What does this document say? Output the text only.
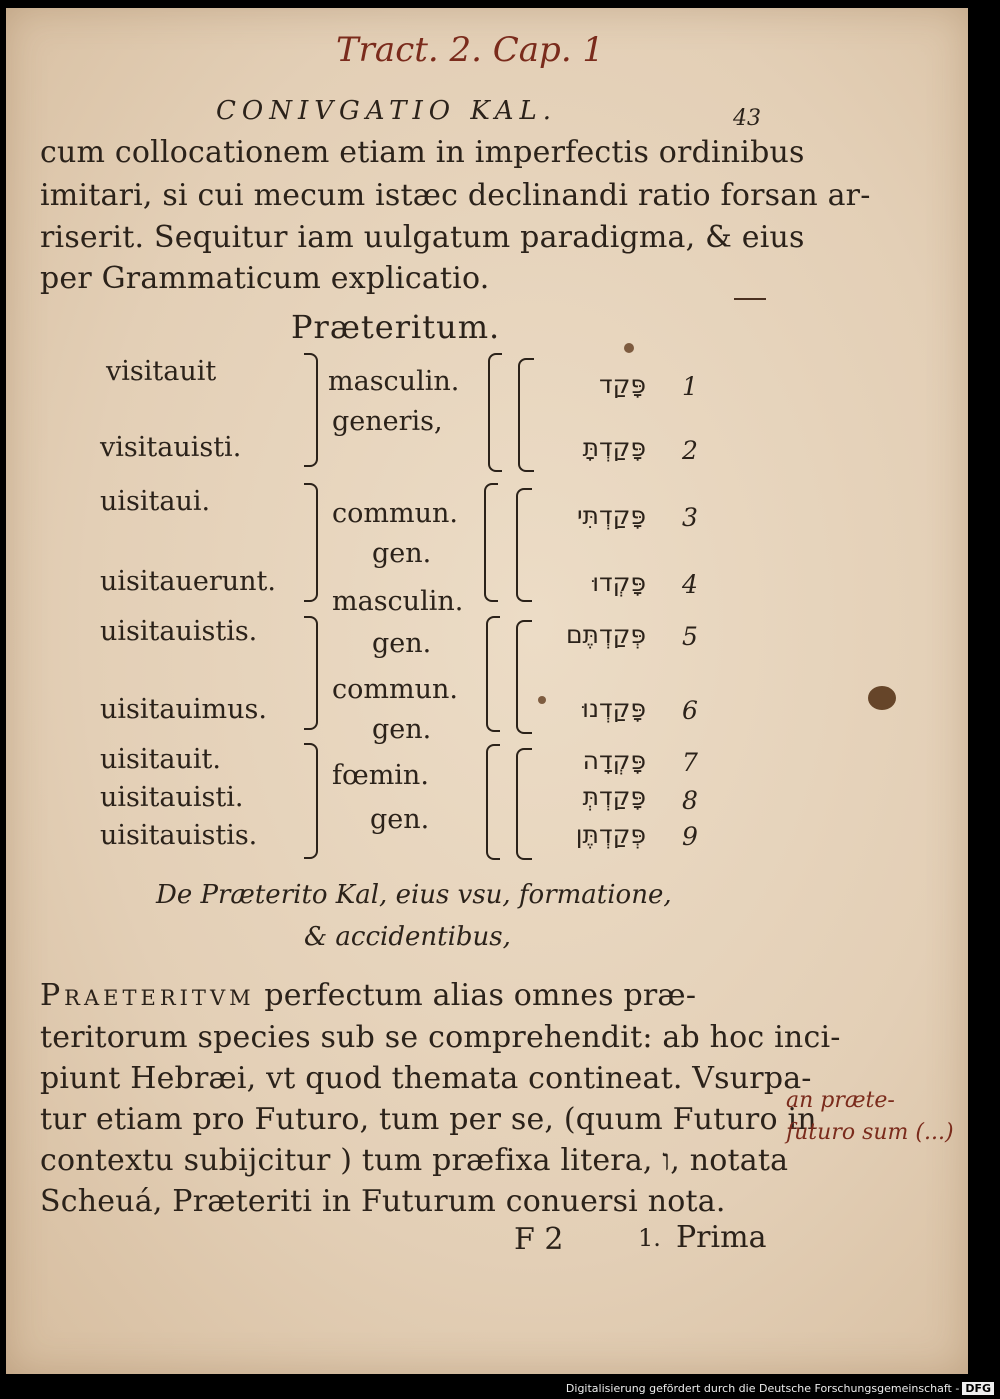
Tract. 2. Cap. 1
CONIVGATIO KAL.	43
cum collocationem etiam in imperfectis ordinibus
imitari, si cui mecum istæc declinandi ratio forsan ar-
riserit. Sequitur iam uulgatum paradigma, & eius
per Grammaticum explicatio.
Præteritum.
visitauit
visitauisti.
uisitaui.
uisitauerunt.
uisitauistis.
uisitauimus.
uisitauit.
uisitauisti.
uisitauistis.
masculin.
generis,
commun.
gen.
masculin.
gen.
commun.
gen.
fœmin.
gen.
פָּקַד
פָּקַדְתָּ
פָּקַדְתִּי
פָּקְדוּ
פְּקַדְתֶּם
פָּקַדְנוּ
פָּקְדָה
פָּקַדְתְּ
פְּקַדְתֶּן
1
2
3
4
5
6
7
8
9
De Præterito Kal, eius vsu, formatione,
& accidentibus,
Praeteritvm perfectum alias omnes præ-
teritorum species sub se comprehendit: ab hoc inci-
piunt Hebræi, vt quod themata contineat. Vsurpa-
tur etiam pro Futuro, tum per se, (quum Futuro in
contextu subijcitur ) tum præfixa litera, ו, notata
Scheuá, Præteriti in Futurum conuersi nota.
an præte-
futuro sum (...)
F 2	1. Prima
Digitalisierung gefördert durch die Deutsche Forschungsgemeinschaft - DFG
